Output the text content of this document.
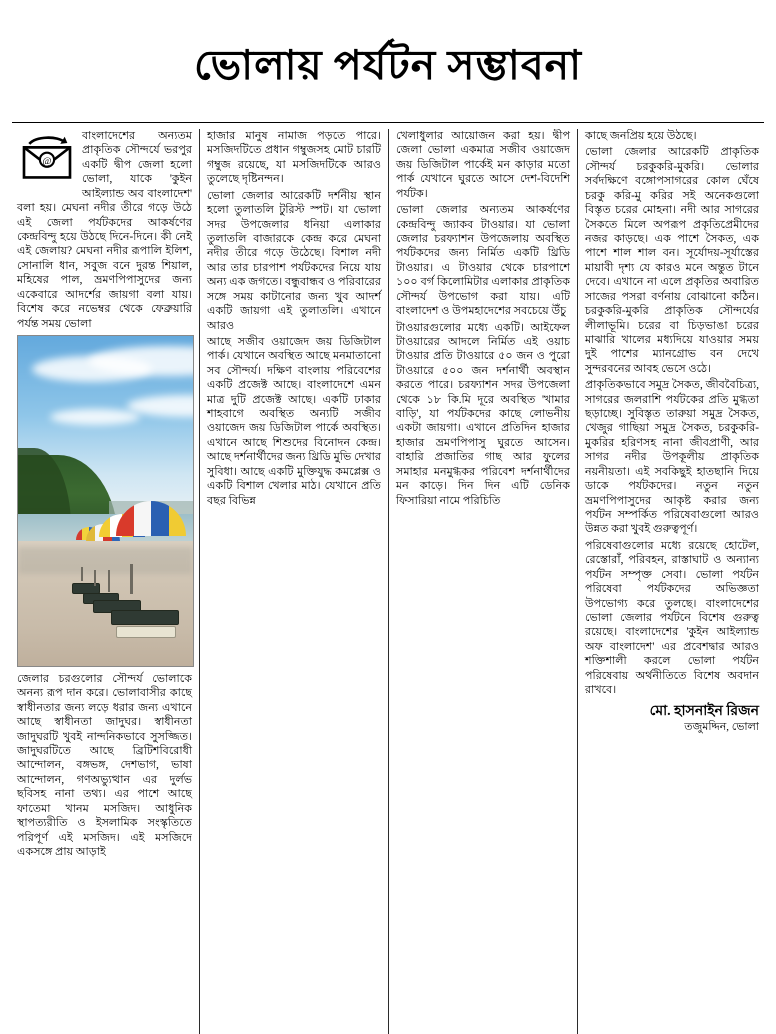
ভোলায় পর্যটন সম্ভাবনা
@

বাংলাদেশের অন্যতম প্রাকৃতিক সৌন্দর্যে ভরপুর একটি দ্বীপ জেলা হলো ভোলা, যাকে 'কুইন আইল্যান্ড অব বাংলাদেশ' বলা হয়। মেঘনা নদীর তীরে গড়ে উঠে এই জেলা পর্যটকদের আকর্ষণের কেন্দ্রবিন্দু হয়ে উঠছে দিনে-দিনে। কী নেই এই জেলায়? মেঘনা নদীর রূপালি ইলিশ, সোনালি ধান, সবুজ বনে দুরন্ত শিয়াল, মহিষের পাল, ভ্রমণপিপাসুদের জন্য একেবারে আদর্শের জায়গা বলা যায়। বিশেষ করে নভেম্বর থেকে ফেব্রুয়ারি পর্যন্ত সময় ভোলা

জেলার চরগুলোর সৌন্দর্য ভোলাকে অনন্য রূপ দান করে। ভোলাবাসীর কাছে স্বাধীনতার জন্য লড়ে ধরার জন্য এখানে আছে স্বাধীনতা জাদুঘর। স্বাধীনতা জাদুঘরটি খুবই নান্দনিকভাবে সুসজ্জিত। জাদুঘরটিতে আছে ব্রিটিশবিরোধী আন্দোলন, বঙ্গভঙ্গ, দেশভাগ, ভাষা আন্দোলন, গণঅভ্যুত্থান এর দুর্লভ ছবিসহ নানা তথ্য। এর পাশে আছে ফাতেমা খানম মসজিদ। আধুনিক স্থাপত্যরীতি ও ইসলামিক সংস্কৃতিতে পরিপূর্ণ এই মসজিদ। এই মসজিদে একসঙ্গে প্রায় আড়াই

হাজার মানুষ নামাজ পড়তে পারে। মসজিদটিতে প্রধান গম্বুজসহ মোট চারটি গম্বুজ রয়েছে, যা মসজিদটিকে আরও তুলেছে দৃষ্টিনন্দন।

ভোলা জেলার আরেকটি দর্শনীয় স্থান হলো তুলাতলি টুরিস্ট স্পট। যা ভোলা সদর উপজেলার ধনিয়া এলাকার তুলাতলি বাজারকে কেন্দ্র করে মেঘনা নদীর তীরে গড়ে উঠেছে। বিশাল নদী আর তার চারপাশ পর্যটকদের নিয়ে যায় অন্য এক জগতে। বন্ধুবান্ধব ও পরিবারের সঙ্গে সময় কাটানোর জন্য খুব আদর্শ একটি জায়গা এই তুলাতলি। এখানে আরও

আছে সজীব ওয়াজেদ জয় ডিজিটাল পার্ক। যেখানে অবস্থিত আছে মনমাতানো সব সৌন্দর্য। দক্ষিণ বাংলায় পরিবেশের একটি প্রজেক্ট আছে। বাংলাদেশে এমন মাত্র দুটি প্রজেক্ট আছে। একটি ঢাকার শাহবাগে অবস্থিত অন্যটি সজীব ওয়াজেদ জয় ডিজিটাল পার্কে অবস্থিত। এখানে আছে শিশুদের বিনোদন কেন্দ্র। আছে দর্শনার্থীদের জন্য থ্রিডি মুভি দেখার সুবিধা। আছে একটি মুক্তিযুদ্ধ কমপ্লেক্স ও একটি বিশাল খেলার মাঠ। যেখানে প্রতি বছর বিভিন্ন

খেলাধুলার আয়োজন করা হয়। দ্বীপ জেলা ভোলা একমাত্র সজীব ওয়াজেদ জয় ডিজিটাল পার্কেই মন কাড়ার মতো পার্ক যেখানে ঘুরতে আসে দেশ-বিদেশি পর্যটক।

ভোলা জেলার অন্যতম আকর্ষণের কেন্দ্রবিন্দু জ্যাকব টাওয়ার। যা ভোলা জেলার চরফ্যাশন উপজেলায় অবস্থিত পর্যটকদের জন্য নির্মিত একটি থ্রিডি টাওয়ার। এ টাওয়ার থেকে চারপাশে ১০০ বর্গ কিলোমিটার এলাকার প্রাকৃতিক সৌন্দর্য উপভোগ করা যায়। এটি বাংলাদেশ ও উপমহাদেশের সবচেয়ে উঁচু

টাওয়ারগুলোর মধ্যে একটি। আইফেল টাওয়ারের আদলে নির্মিত এই ওয়াচ টাওয়ার প্রতি টাওয়ারে ৫০ জন ও পুরো টাওয়ারে ৫০০ জন দর্শনার্থী অবস্থান করতে পারে। চরফ্যাশন সদর উপজেলা থেকে ১৮ কি.মি দূরে অবস্থিত 'খামার বাড়ি', যা পর্যটকদের কাছে লোভনীয় একটা জায়গা। এখানে প্রতিদিন হাজার হাজার ভ্রমণপিপাসু ঘুরতে আসেন। বাহারি প্রজাতির গাছ আর ফুলের সমাহার মনমুগ্ধকর পরিবেশ দর্শনার্থীদের মন কাড়ে। দিন দিন এটি ডেনিক ফিসারিয়া নামে পরিচিতি

কাছে জনপ্রিয় হয়ে উঠছে।

ভোলা জেলার আরেকটি প্রাকৃতিক সৌন্দর্য চরকুকরি-মুকরি। ভোলার সর্বদক্ষিণে বঙ্গোপসাগরের কোল ঘেঁষে চরকু করি-মু করির স‍ই অনেকগুলো বিস্তৃত চরের মোহনা। নদী আর সাগরের সৈকতে মিলে অপরূপ প্রকৃতিপ্রেমীদের নজর কাড়ছে। এক পাশে সৈকত, এক পাশে শাল শাল বন। সূর্যোদয়-সূর্যাস্তের মায়াবী দৃশ্য যে কারও মনে অন্তুত টানে দেবে। এখানে না এলে প্রকৃতির অবারিত সাজের পসরা বর্ণনায় বোঝানো কঠিন। চরকুকরি-মুকরি প্রাকৃতিক সৌন্দর্যের লীলাভূমি। চরের বা চিড়ভাঙা চরের মাঝারি খালের মধ্যদিয়ে যাওয়ার সময় দুই পাশের ম্যানগ্রোভ বন দেখে সুন্দরবনের আবহ ভেসে ওঠে।

প্রাকৃতিকভাবে সমুদ্র সৈকত, জীববৈচিত্র্য, সাগরের জলরাশি পর্যটকের প্রতি মুগ্ধতা ছড়াচ্ছে। সুবিস্তৃত তারুয়া সমুদ্র সৈকত, খেজুর গাছিয়া সমুদ্র সৈকত, চরকুকরি-মুকরির হরিণসহ নানা জীবপ্রাণী, আর সাগর নদীর উপকূলীয় প্রাকৃতিক নয়নীয়তা। এই সবকিছুই হাতছানি দিয়ে ডাকে পর্যটকদের। নতুন নতুন ভ্রমণপিপাসুদের আকৃষ্ট করার জন্য পর্যটন সম্পর্কিত পরিষেবাগুলো আরও উন্নত করা খুবই গুরুত্বপূর্ণ।

পরিষেবাগুলোর মধ্যে রয়েছে হোটেল, রেস্তোরাঁ, পরিবহন, রাস্তাঘাট ও অন্যান্য পর্যটন সম্পৃক্ত সেবা। ভোলা পর্যটন পরিষেবা পর্যটকদের অভিজ্ঞতা উপভোগ্য করে তুলছে। বাংলাদেশের ভোলা জেলার পর্যটনে বিশেষ গুরুত্ব রয়েছে। বাংলাদেশের 'কুইন আইল্যান্ড অফ বাংলাদেশ' এর প্রবেশদ্বার আরও শক্তিশালী করলে ভোলা পর্যটন পরিষেবায় অর্থনীতিতে বিশেষ অবদান রাখবে।

মো. হাসনাইন রিজন
তজুমদ্দিন, ভোলা
